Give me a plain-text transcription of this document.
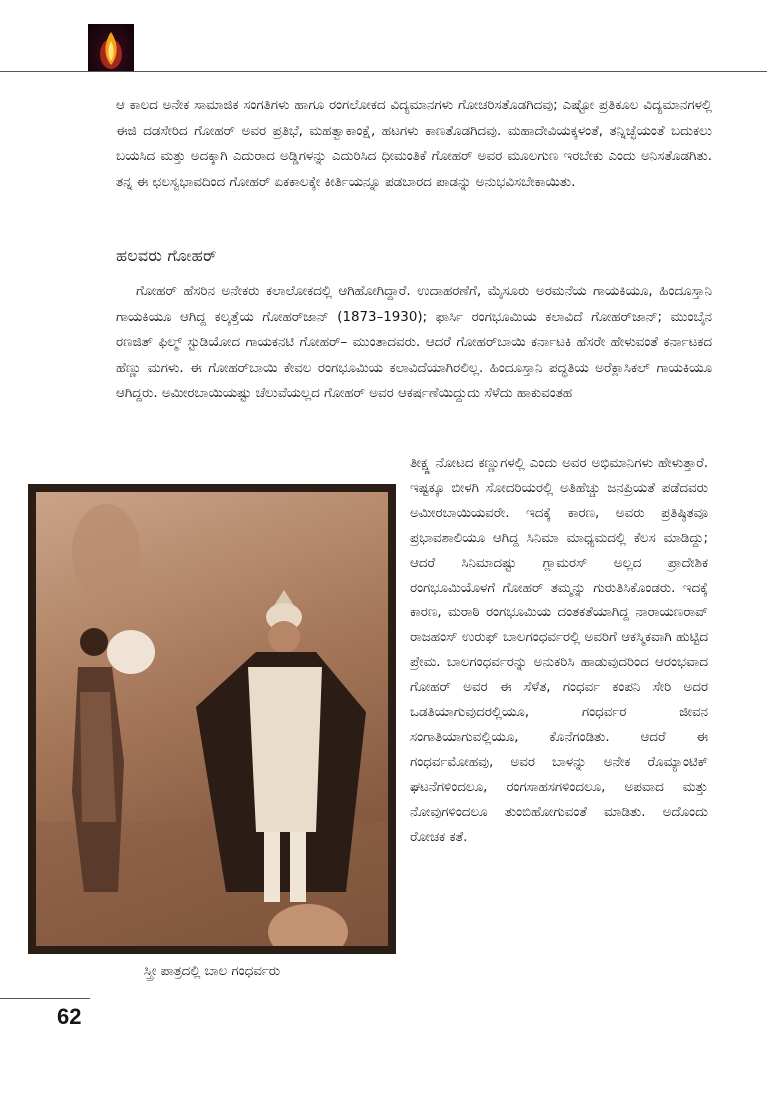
ಆ ಕಾಲದ ಅನೇಕ ಸಾಮಾಜಿಕ ಸಂಗತಿಗಳು ಹಾಗೂ ರಂಗಲೋಕದ ವಿದ್ಯಮಾನಗಳು ಗೋಚರಿಸತೊಡಗಿದವು; ಎಷ್ಟೋ ಪ್ರತಿಕೂಲ ವಿದ್ಯಮಾನಗಳಲ್ಲಿ ಈಜಿ ದಡಸೇರಿದ ಗೋಹರ್ ಅವರ ಪ್ರತಿಭೆ, ಮಹತ್ವಾಕಾಂಕ್ಷೆ, ಹಟಗಳು ಕಾಣತೊಡಗಿದವು. ಮಹಾದೇವಿಯಕ್ಕಳಂತೆ, ತನ್ನಿಚ್ಛೆಯಂತೆ ಬದುಕಲು ಬಯಸಿದ ಮತ್ತು ಅದಕ್ಕಾಗಿ ಎದುರಾದ ಅಡ್ಡಿಗಳನ್ನು ಎದುರಿಸಿದ ಧೀಮಂತಿಕೆ ಗೋಹರ್ ಅವರ ಮೂಲಗುಣ ಇರಬೇಕು ಎಂದು ಅನಿಸತೊಡಗಿತು. ತನ್ನ ಈ ಛಲಸ್ವಭಾವದಿಂದ ಗೋಹರ್ ಏಕಕಾಲಕ್ಕೇ ಕೀರ್ತಿಯನ್ನೂ ಪಡಬಾರದ ಪಾಡನ್ನು ಅನುಭವಿಸಬೇಕಾಯಿತು.

ಹಲವರು ಗೋಹರ್

ಗೋಹರ್ ಹೆಸರಿನ ಅನೇಕರು ಕಲಾಲೋಕದಲ್ಲಿ ಆಗಿಹೋಗಿದ್ದಾರೆ. ಉದಾಹರಣೆಗೆ, ಮೈಸೂರು ಅರಮನೆಯ ಗಾಯಕಿಯೂ, ಹಿಂದೂಸ್ತಾನಿ ಗಾಯಕಿಯೂ ಆಗಿದ್ದ ಕಲ್ಕತ್ತೆಯ ಗೋಹರ್‌ಜಾನ್ (1873–1930); ಫಾರ್ಸಿ ರಂಗಭೂಮಿಯ ಕಲಾವಿದೆ ಗೋಹರ್‌ಜಾನ್; ಮುಂಬೈನ ರಣಜಿತ್ ಫಿಲ್ಮ್ ಸ್ಟುಡಿಯೋದ ಗಾಯಕನಟಿ ಗೋಹರ್– ಮುಂತಾದವರು. ಆದರೆ ಗೋಹರ್‌ಬಾಯಿ ಕರ್ನಾಟಕಿ ಹೆಸರೇ ಹೇಳುವಂತೆ ಕರ್ನಾಟಕದ ಹೆಣ್ಣು ಮಗಳು. ಈ ಗೋಹರ್‌ಬಾಯಿ ಕೇವಲ ರಂಗಭೂಮಿಯ ಕಲಾವಿದೆಯಾಗಿರಲಿಲ್ಲ. ಹಿಂದೂಸ್ತಾನಿ ಪದ್ಧತಿಯ ಅರೆಕ್ಲಾಸಿಕಲ್ ಗಾಯಕಿಯೂ ಆಗಿದ್ದರು. ಅಮೀರಬಾಯಿಯಷ್ಟು ಚೆಲುವೆಯಲ್ಲದ ಗೋಹರ್ ಅವರ ಆಕರ್ಷಣೆಯಿದ್ದುದು ಸೆಳೆದು ಹಾಕುವಂತಹ

ಸ್ತ್ರೀ ಪಾತ್ರದಲ್ಲಿ ಬಾಲ ಗಂಧರ್ವರು

ತೀಕ್ಷ್ಣ ನೋಟದ ಕಣ್ಣುಗಳಲ್ಲಿ ಎಂದು ಅವರ ಅಭಿಮಾನಿಗಳು ಹೇಳುತ್ತಾರೆ. ಇಷ್ಟಕ್ಕೂ ಬೀಳಗಿ ಸೋದರಿಯರಲ್ಲಿ ಅತಿಹೆಚ್ಚು ಜನಪ್ರಿಯತೆ ಪಡೆದವರು ಅಮೀರಬಾಯಿಯವರೇ. ಇದಕ್ಕೆ ಕಾರಣ, ಅವರು ಪ್ರತಿಷ್ಠಿತವೂ ಪ್ರಭಾವಶಾಲಿಯೂ ಆಗಿದ್ದ ಸಿನಿಮಾ ಮಾಧ್ಯಮದಲ್ಲಿ ಕೆಲಸ ಮಾಡಿದ್ದು; ಆದರೆ ಸಿನಿಮಾದಷ್ಟು ಗ್ಲಾಮರಸ್ ಅಲ್ಲದ ಪ್ರಾದೇಶಿಕ ರಂಗಭೂಮಿಯೊಳಗೆ ಗೋಹರ್ ತಮ್ಮನ್ನು ಗುರುತಿಸಿಕೊಂಡರು. ಇದಕ್ಕೆ ಕಾರಣ, ಮರಾಠಿ ರಂಗಭೂಮಿಯ ದಂತಕತೆಯಾಗಿದ್ದ ನಾರಾಯಣರಾವ್ ರಾಜಹಂಸ್ ಉರುಫ್ ಬಾಲಗಂಧರ್ವರಲ್ಲಿ ಅವರಿಗೆ ಆಕಸ್ಮಿಕವಾಗಿ ಹುಟ್ಟಿದ ಪ್ರೇಮ. ಬಾಲಗಂಧರ್ವರನ್ನು ಅನುಕರಿಸಿ ಹಾಡುವುದರಿಂದ ಆರಂಭವಾದ ಗೋಹರ್ ಅವರ ಈ ಸೆಳೆತ, ಗಂಧರ್ವ ಕಂಪನಿ ಸೇರಿ ಅದರ ಒಡತಿಯಾಗುವುದರಲ್ಲಿಯೂ, ಗಂಧರ್ವರ ಜೀವನ ಸಂಗಾತಿಯಾಗುವಲ್ಲಿಯೂ, ಕೊನೆಗಂಡಿತು. ಆದರೆ ಈ ಗಂಧರ್ವಮೋಹವು, ಅವರ ಬಾಳನ್ನು ಅನೇಕ ರೊಮ್ಯಾಂಟಿಕ್ ಘಟನೆಗಳಿಂದಲೂ, ರಂಗಸಾಹಸಗಳಿಂದಲೂ, ಅಪವಾದ ಮತ್ತು ನೋವುಗಳಿಂದಲೂ ತುಂಬಿಹೋಗುವಂತೆ ಮಾಡಿತು. ಅದೊಂದು ರೋಚಕ ಕತೆ.

62
